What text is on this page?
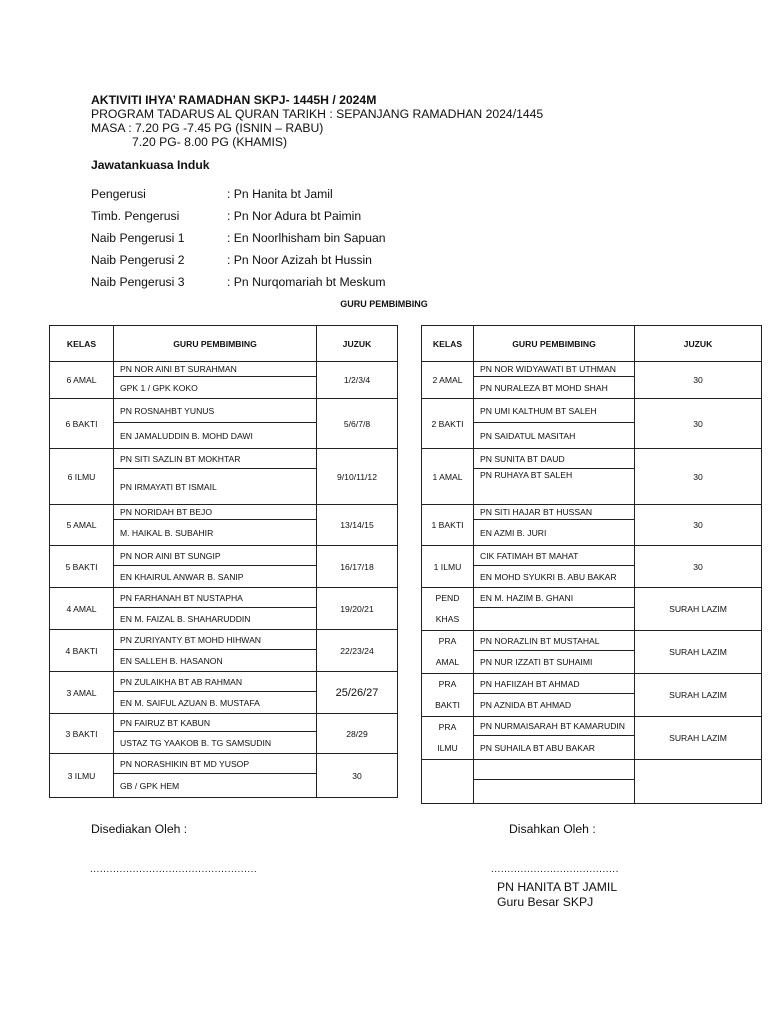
AKTIVITI IHYA’ RAMADHAN SKPJ- 1445H / 2024M
PROGRAM TADARUS AL QURAN TARIKH : SEPANJANG RAMADHAN 2024/1445
MASA : 7.20 PG -7.45 PG (ISNIN – RABU)
7.20 PG- 8.00 PG (KHAMIS)
Jawatankuasa Induk
Pengerusi	: Pn Hanita bt Jamil
Timb. Pengerusi	: Pn Nor Adura bt Paimin
Naib Pengerusi 1	: En Noorlhisham bin Sapuan
Naib Pengerusi 2	: Pn Noor Azizah bt Hussin
Naib Pengerusi 3	: Pn Nurqomariah bt Meskum
GURU PEMBIMBING
KELAS	GURU PEMBIMBING	JUZUK
6 AMAL	PN NOR AINI BT SURAHMAN	1/2/3/4
	GPK 1 / GPK KOKO	
6 BAKTI	PN ROSNAHBT YUNUS	5/6/7/8
	EN JAMALUDDIN B. MOHD DAWI	
6 ILMU	PN SITI SAZLIN BT MOKHTAR	9/10/11/12
	PN IRMAYATI BT ISMAIL	
5 AMAL	PN NORIDAH BT BEJO	13/14/15
	M. HAIKAL B. SUBAHIR	
5 BAKTI	PN NOR AINI BT SUNGIP	16/17/18
	EN KHAIRUL ANWAR B. SANIP	
4 AMAL	PN FARHANAH BT NUSTAPHA	19/20/21
	EN M. FAIZAL B. SHAHARUDDIN	
4 BAKTI	PN ZURIYANTY BT MOHD HIHWAN	22/23/24
	EN SALLEH B. HASANON	
3 AMAL	PN ZULAIKHA BT AB RAHMAN	25/26/27
	EN M. SAIFUL AZUAN B. MUSTAFA	
3 BAKTI	PN FAIRUZ BT KABUN	28/29
	USTAZ TG YAAKOB B. TG SAMSUDIN	
3 ILMU	PN NORASHIKIN BT MD YUSOP	30
	GB / GPK HEM	
KELAS	GURU PEMBIMBING	JUZUK
2 AMAL	PN NOR WIDYAWATI BT UTHMAN	30
	PN NURALEZA BT MOHD SHAH	
2 BAKTI	PN UMI KALTHUM BT SALEH	30
	PN SAIDATUL MASITAH	
1 AMAL	PN SUNITA BT DAUD	30
	PN RUHAYA BT SALEH	
1 BAKTI	PN SITI HAJAR BT HUSSAN	30
	EN AZMI B. JURI	
1 ILMU	CIK FATIMAH BT MAHAT	30
	EN MOHD SYUKRI B. ABU BAKAR	

PEND
KHAS	EN M. HAZIM B. GHANI	SURAH LAZIM

PRA
AMAL	PN NORAZLIN BT MUSTAHAL	SURAH LAZIM
	PN NUR IZZATI BT SUHAIMI	

PRA
BAKTI	PN HAFIIZAH BT AHMAD	SURAH LAZIM
	PN AZNIDA BT AHMAD	

PRA
ILMU	PN NURMAISARAH BT KAMARUDIN	SURAH LAZIM
	PN SUHAILA BT ABU BAKAR	

Disediakan Oleh :	Disahkan Oleh :
...................................................	.......................................
PN HANITA BT JAMIL
Guru Besar SKPJ
